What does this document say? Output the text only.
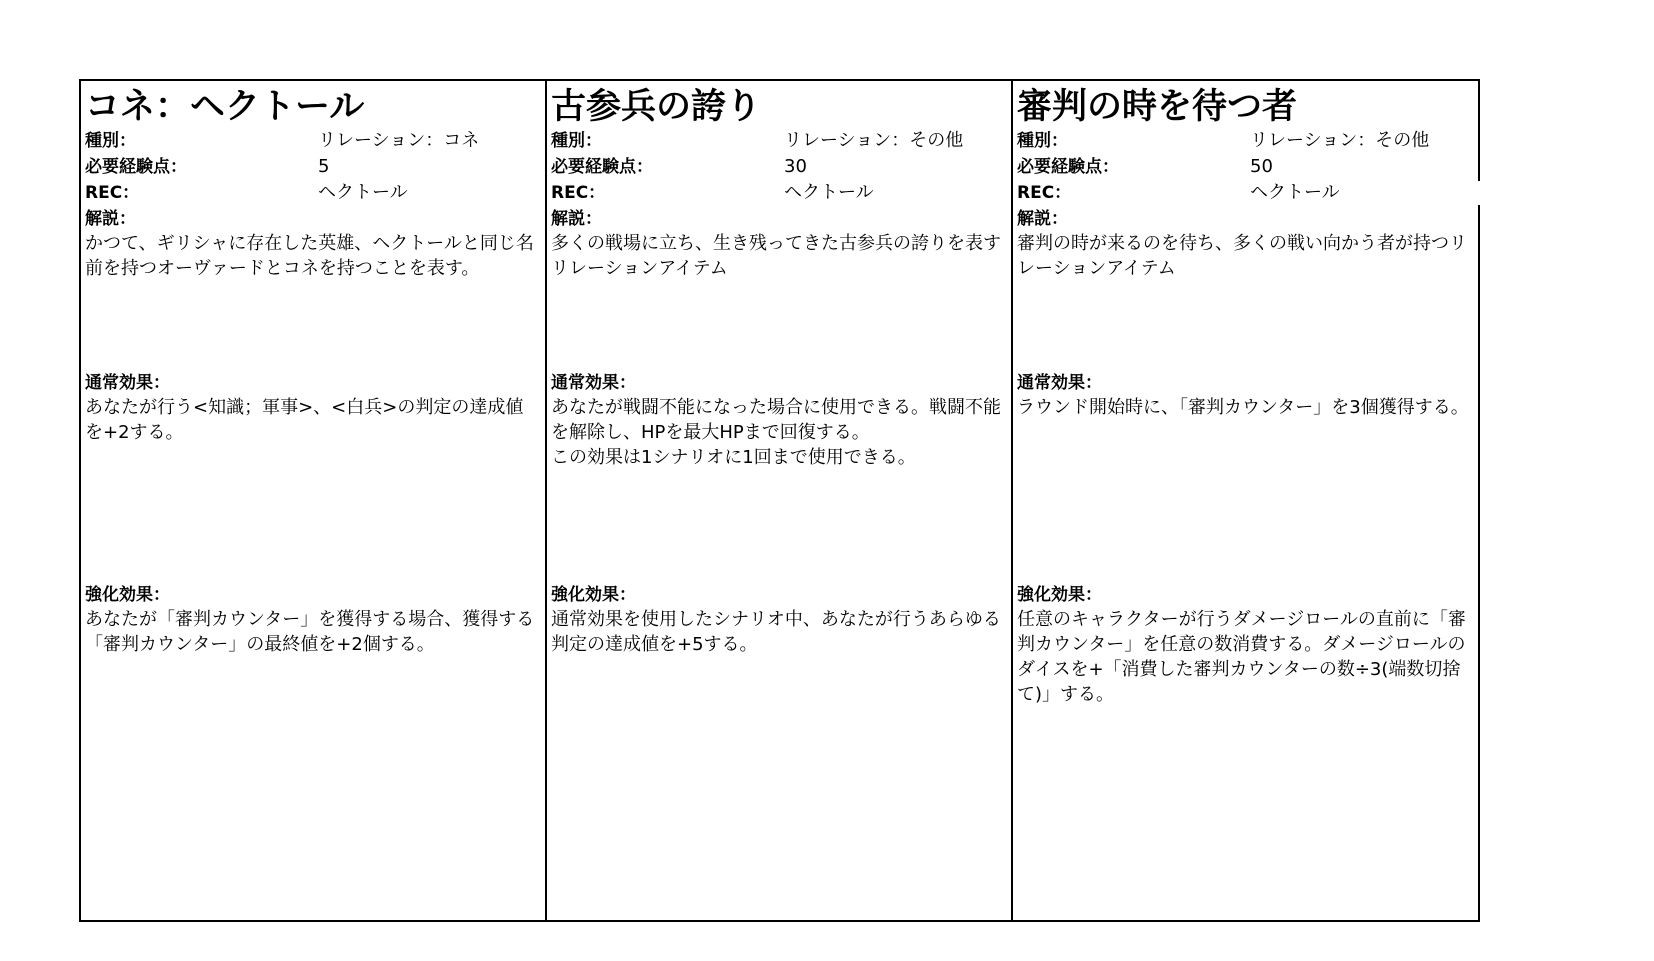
コネ：ヘクトール
種別：	リレーション：コネ
必要経験点：	5
REC：	ヘクトール
解説：
かつて、ギリシャに存在した英雄、ヘクトールと同じ名前を持つオーヴァードとコネを持つことを表す。
通常効果：
あなたが行う<知識；軍事>、<白兵>の判定の達成値を+2する。
強化効果：
あなたが「審判カウンター」を獲得する場合、獲得する「審判カウンター」の最終値を+2個する。
古参兵の誇り
種別：	リレーション：その他
必要経験点：	30
REC：	ヘクトール
解説：
多くの戦場に立ち、生き残ってきた古参兵の誇りを表すリレーションアイテム
通常効果：
あなたが戦闘不能になった場合に使用できる。戦闘不能を解除し、HPを最大HPまで回復する。
この効果は1シナリオに1回まで使用できる。
強化効果：
通常効果を使用したシナリオ中、あなたが行うあらゆる判定の達成値を+5する。
審判の時を待つ者
種別：	リレーション：その他
必要経験点：	50
REC：	ヘクトール
解説：
審判の時が来るのを待ち、多くの戦い向かう者が持つリレーションアイテム
通常効果：
ラウンド開始時に、「審判カウンター」を3個獲得する。
強化効果：
任意のキャラクターが行うダメージロールの直前に「審判カウンター」を任意の数消費する。ダメージロールのダイスを+「消費した審判カウンターの数÷3(端数切捨て)」する。
